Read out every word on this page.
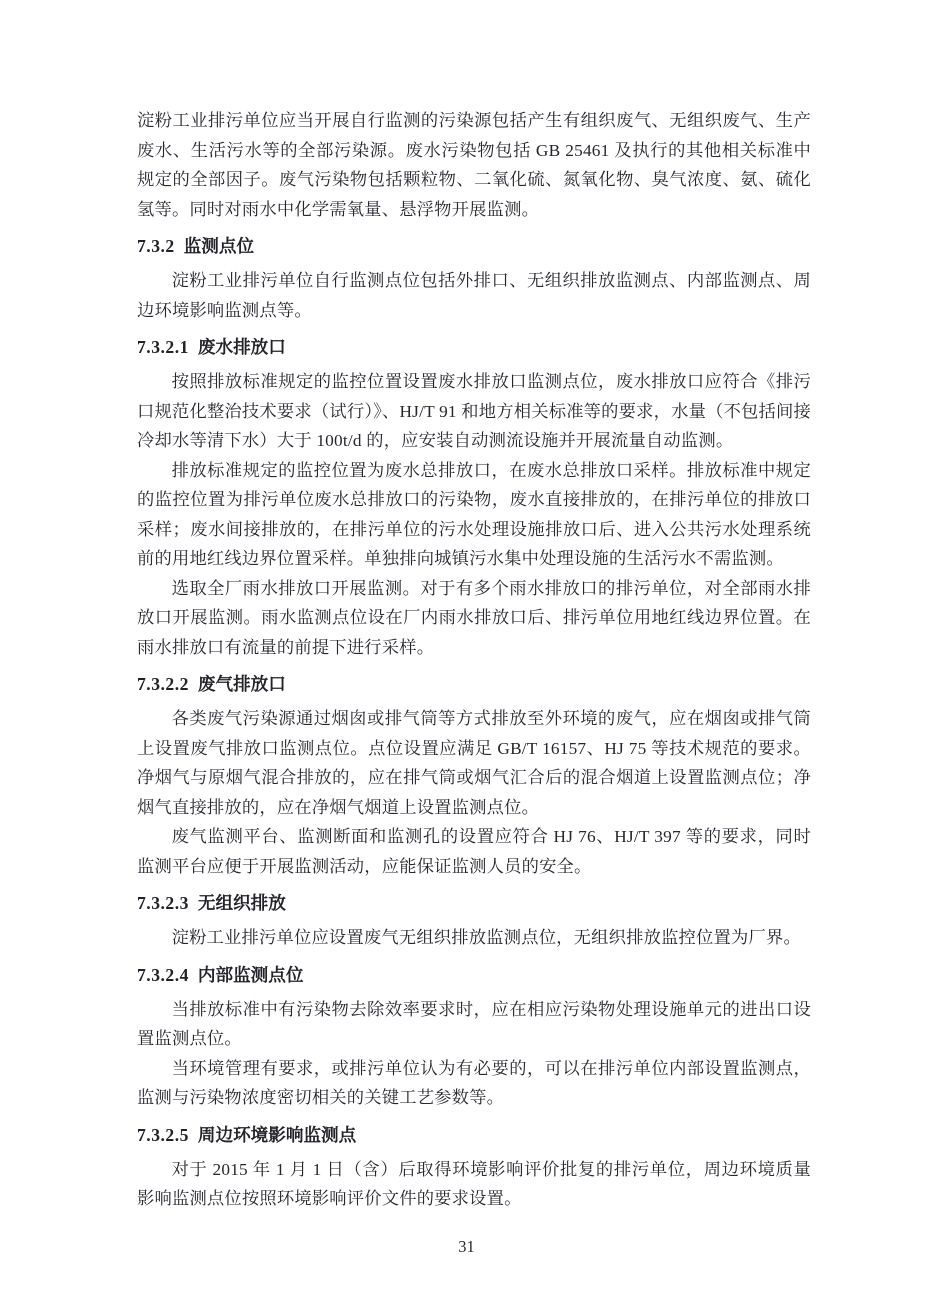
淀粉工业排污单位应当开展自行监测的污染源包括产生有组织废气、无组织废气、生产废水、生活污水等的全部污染源。废水污染物包括 GB 25461 及执行的其他相关标准中规定的全部因子。废气污染物包括颗粒物、二氧化硫、氮氧化物、臭气浓度、氨、硫化氢等。同时对雨水中化学需氧量、悬浮物开展监测。

7.3.2 监测点位

淀粉工业排污单位自行监测点位包括外排口、无组织排放监测点、内部监测点、周边环境影响监测点等。

7.3.2.1 废水排放口

按照排放标准规定的监控位置设置废水排放口监测点位，废水排放口应符合《排污口规范化整治技术要求（试行）》、HJ/T 91 和地方相关标准等的要求，水量（不包括间接冷却水等清下水）大于 100t/d 的，应安装自动测流设施并开展流量自动监测。

排放标准规定的监控位置为废水总排放口，在废水总排放口采样。排放标准中规定的监控位置为排污单位废水总排放口的污染物，废水直接排放的，在排污单位的排放口采样；废水间接排放的，在排污单位的污水处理设施排放口后、进入公共污水处理系统前的用地红线边界位置采样。单独排向城镇污水集中处理设施的生活污水不需监测。

选取全厂雨水排放口开展监测。对于有多个雨水排放口的排污单位，对全部雨水排放口开展监测。雨水监测点位设在厂内雨水排放口后、排污单位用地红线边界位置。在雨水排放口有流量的前提下进行采样。

7.3.2.2 废气排放口

各类废气污染源通过烟囱或排气筒等方式排放至外环境的废气，应在烟囱或排气筒上设置废气排放口监测点位。点位设置应满足 GB/T 16157、HJ 75 等技术规范的要求。净烟气与原烟气混合排放的，应在排气筒或烟气汇合后的混合烟道上设置监测点位；净烟气直接排放的，应在净烟气烟道上设置监测点位。

废气监测平台、监测断面和监测孔的设置应符合 HJ 76、HJ/T 397 等的要求，同时监测平台应便于开展监测活动，应能保证监测人员的安全。

7.3.2.3 无组织排放

淀粉工业排污单位应设置废气无组织排放监测点位，无组织排放监控位置为厂界。

7.3.2.4 内部监测点位

当排放标准中有污染物去除效率要求时，应在相应污染物处理设施单元的进出口设置监测点位。

当环境管理有要求，或排污单位认为有必要的，可以在排污单位内部设置监测点，监测与污染物浓度密切相关的关键工艺参数等。

7.3.2.5 周边环境影响监测点

对于 2015 年 1 月 1 日（含）后取得环境影响评价批复的排污单位，周边环境质量影响监测点位按照环境影响评价文件的要求设置。

31
